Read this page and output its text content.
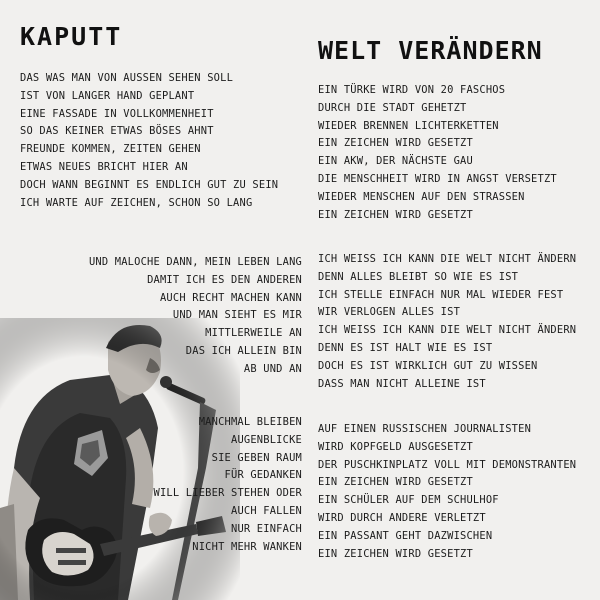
KAPUTT	WELT VERÄNDERN
DAS WAS MAN VON AUSSEN SEHEN SOLL
IST VON LANGER HAND GEPLANT
EINE FASSADE IN VOLLKOMMENHEIT
SO DAS KEINER ETWAS BÖSES AHNT
FREUNDE KOMMEN, ZEITEN GEHEN
ETWAS NEUES BRICHT HIER AN
DOCH WANN BEGINNT ES ENDLICH GUT ZU SEIN
ICH WARTE AUF ZEICHEN, SCHON SO LANG
UND MALOCHE DANN, MEIN LEBEN LANG
DAMIT ICH ES DEN ANDEREN
AUCH RECHT MACHEN KANN
UND MAN SIEHT ES MIR
MITTLERWEILE AN
DAS ICH ALLEIN BIN
AB UND AN
MANCHMAL BLEIBEN
AUGENBLICKE
SIE GEBEN RAUM
FÜR GEDANKEN
WILL LIEBER STEHEN ODER
AUCH FALLEN
NUR EINFACH
NICHT MEHR WANKEN
EIN TÜRKE WIRD VON 20 FASCHOS
DURCH DIE STADT GEHETZT
WIEDER BRENNEN LICHTERKETTEN
EIN ZEICHEN WIRD GESETZT
EIN AKW, DER NÄCHSTE GAU
DIE MENSCHHEIT WIRD IN ANGST VERSETZT
WIEDER MENSCHEN AUF DEN STRASSEN
EIN ZEICHEN WIRD GESETZT
ICH WEISS ICH KANN DIE WELT NICHT ÄNDERN
DENN ALLES BLEIBT SO WIE ES IST
ICH STELLE EINFACH NUR MAL WIEDER FEST
WIR VERLOGEN ALLES IST
ICH WEISS ICH KANN DIE WELT NICHT ÄNDERN
DENN ES IST HALT WIE ES IST
DOCH ES IST WIRKLICH GUT ZU WISSEN
DASS MAN NICHT ALLEINE IST
AUF EINEN RUSSISCHEN JOURNALISTEN
WIRD KOPFGELD AUSGESETZT
DER PUSCHKINPLATZ VOLL MIT DEMONSTRANTEN
EIN ZEICHEN WIRD GESETZT
EIN SCHÜLER AUF DEM SCHULHOF
WIRD DURCH ANDERE VERLETZT
EIN PASSANT GEHT DAZWISCHEN
EIN ZEICHEN WIRD GESETZT
